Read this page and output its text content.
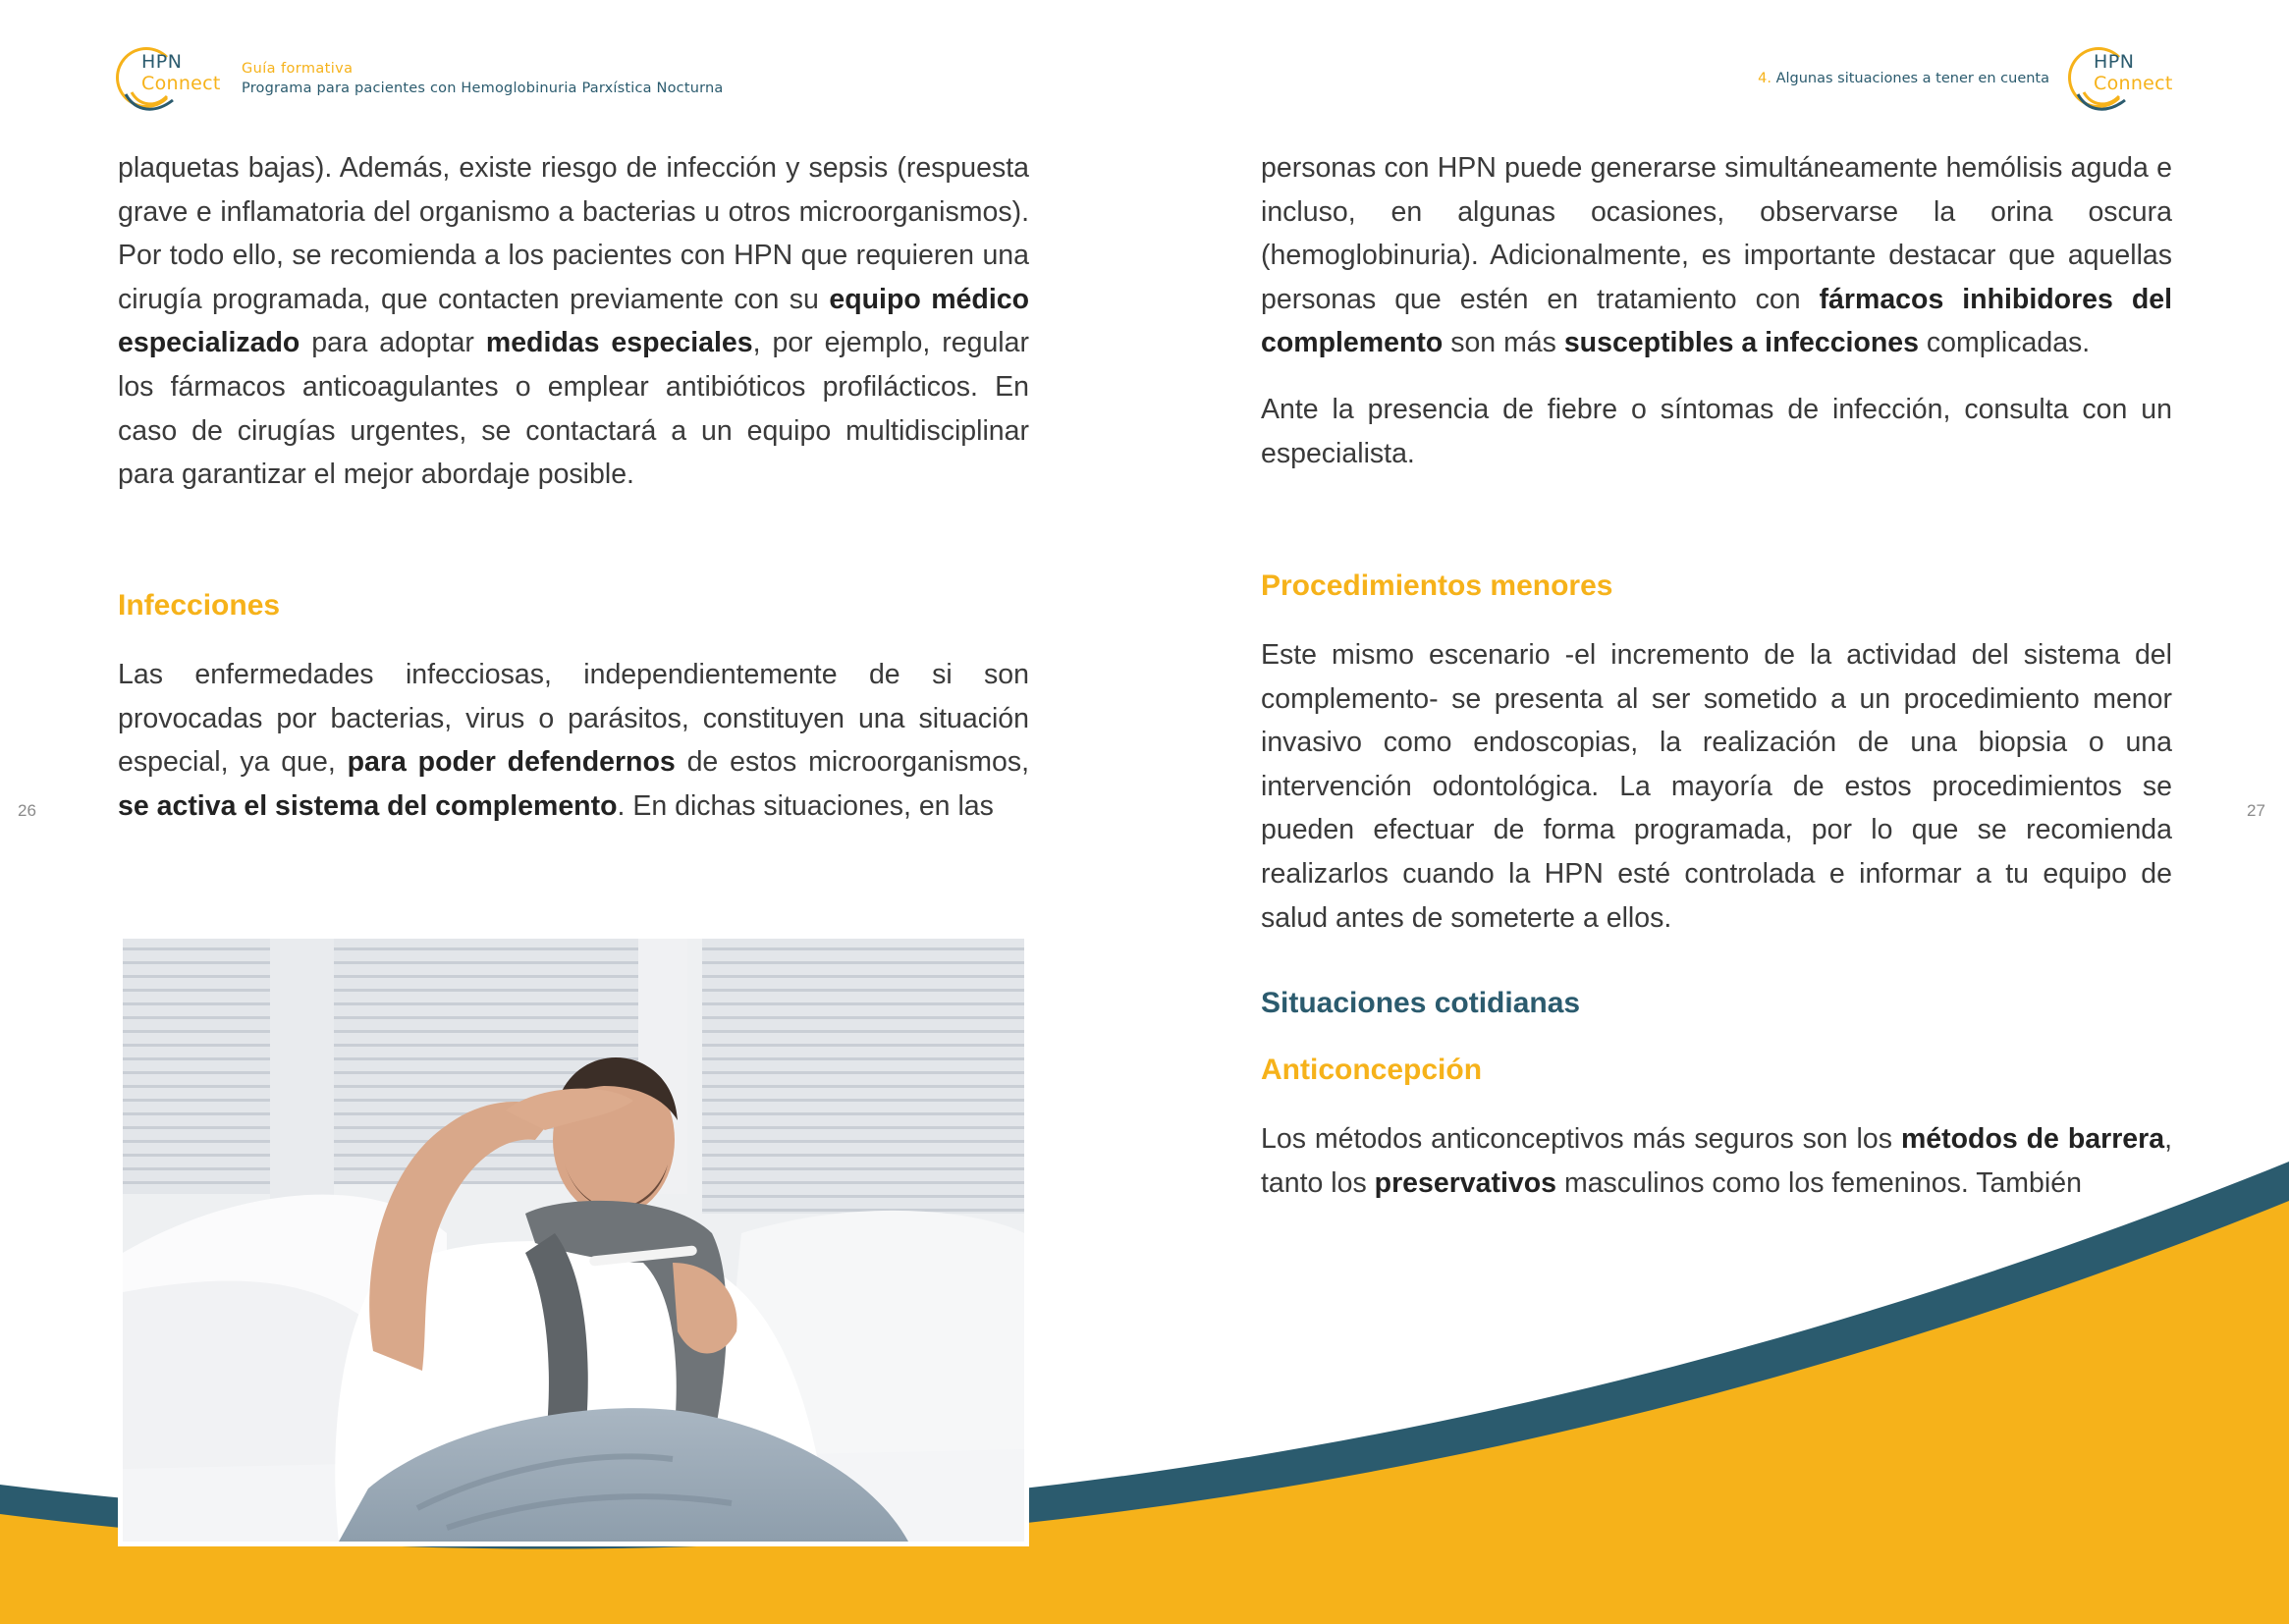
HPN
Connect
Guía formativa
Programa para pacientes con Hemoglobinuria Parxística Nocturna
4. Algunas situaciones a tener en cuenta
HPN
Connect

plaquetas bajas). Además, existe riesgo de infección y sepsis (respuesta grave e inflamatoria del organismo a bacterias u otros microorganismos). Por todo ello, se recomienda a los pacientes con HPN que requieren una cirugía programada, que contacten previamente con su equipo médico especializado para adoptar medidas especiales, por ejemplo, regular los fármacos anticoagulantes o emplear antibióticos profilácticos. En caso de cirugías urgentes, se contactará a un equipo multidisciplinar para garantizar el mejor abordaje posible.

Infecciones

Las enfermedades infecciosas, independientemente de si son provocadas por bacterias, virus o parásitos, constituyen una situación especial, ya que, para poder defendernos de estos microorganismos, se activa el sistema del complemento. En dichas situaciones, en las

26	27

personas con HPN puede generarse simultáneamente hemólisis aguda e incluso, en algunas ocasiones, observarse la orina oscura (hemoglobinuria). Adicionalmente, es importante destacar que aquellas personas que estén en tratamiento con fármacos inhibidores del complemento son más susceptibles a infecciones complicadas.

Ante la presencia de fiebre o síntomas de infección, consulta con un especialista.
Procedimientos menores
Este mismo escenario -el incremento de la actividad del sistema del complemento- se presenta al ser sometido a un procedimiento menor invasivo como endoscopias, la realización de una biopsia o una intervención odontológica. La mayoría de estos procedimientos se pueden efectuar de forma programada, por lo que se recomienda realizarlos cuando la HPN esté controlada e informar a tu equipo de salud antes de someterte a ellos.
Situaciones cotidianas
Anticoncepción

Los métodos anticonceptivos más seguros son los métodos de barrera, tanto los preservativos masculinos como los femeninos. También
